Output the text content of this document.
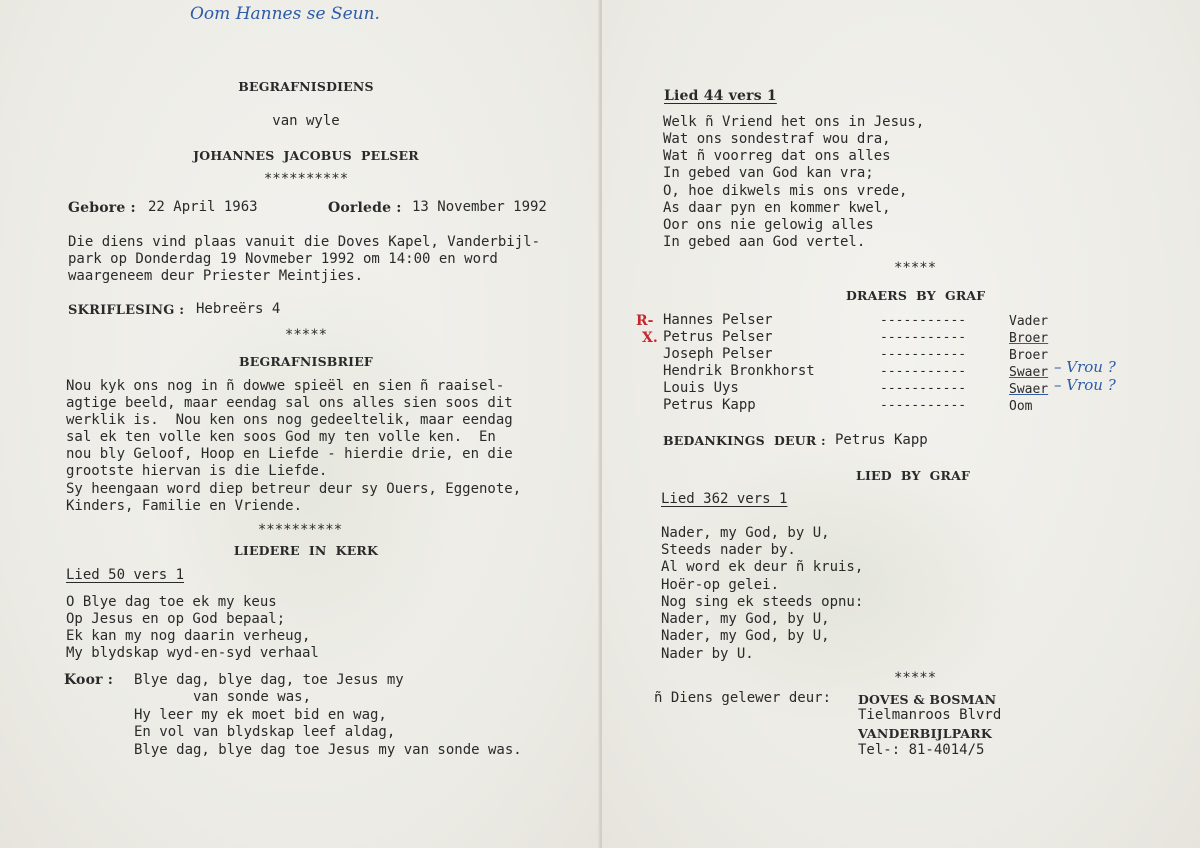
Oom Hannes se Seun.
BEGRAFNISDIENS
van wyle
JOHANNES  JACOBUS  PELSER
**********
Gebore : 22 April 1963	Oorlede : 13 November 1992
Die diens vind plaas vanuit die Doves Kapel, Vanderbijl-
park op Donderdag 19 Novmeber 1992 om 14:00 en word
waargeneem deur Priester Meintjies.
SKRIFLESING : Hebreërs 4
*****
BEGRAFNISBRIEF
Nou kyk ons nog in ñ dowwe spieël en sien ñ raaisel-
agtige beeld, maar eendag sal ons alles sien soos dit
werklik is.  Nou ken ons nog gedeeltelik, maar eendag
sal ek ten volle ken soos God my ten volle ken.  En
nou bly Geloof, Hoop en Liefde - hierdie drie, en die
grootste hiervan is die Liefde.
Sy heengaan word diep betreur deur sy Ouers, Eggenote,
Kinders, Familie en Vriende.
**********
LIEDERE  IN  KERK
Lied 50 vers 1
O Blye dag toe ek my keus
Op Jesus en op God bepaal;
Ek kan my nog daarin verheug,
My blydskap wyd-en-syd verhaal
Koor : Blye dag, blye dag, toe Jesus my
van sonde was,
Hy leer my ek moet bid en wag,
En vol van blydskap leef aldag,
Blye dag, blye dag toe Jesus my van sonde was.
Lied 44 vers 1
Welk ñ Vriend het ons in Jesus,
Wat ons sondestraf wou dra,
Wat ñ voorreg dat ons alles
In gebed van God kan vra;
O, hoe dikwels mis ons vrede,
As daar pyn en kommer kwel,
Oor ons nie gelowig alles
In gebed aan God vertel.
*****
DRAERS  BY  GRAF
R-
X.
Hannes Pelser	-----------	Vader
Petrus Pelser	-----------	Broer
Joseph Pelser	-----------	Broer
Hendrik Bronkhorst	-----------	Swaer – Vrou ?
Louis Uys	-----------	Swaer – Vrou ?
Petrus Kapp	-----------	Oom
BEDANKINGS  DEUR : Petrus Kapp
LIED  BY  GRAF
Lied 362 vers 1
Nader, my God, by U,
Steeds nader by.
Al word ek deur ñ kruis,
Hoër-op gelei.
Nog sing ek steeds opnu:
Nader, my God, by U,
Nader, my God, by U,
Nader by U.
*****
ñ Diens gelewer deur: DOVES & BOSMAN
Tielmanroos Blvrd
VANDERBIJLPARK
Tel-: 81-4014/5
